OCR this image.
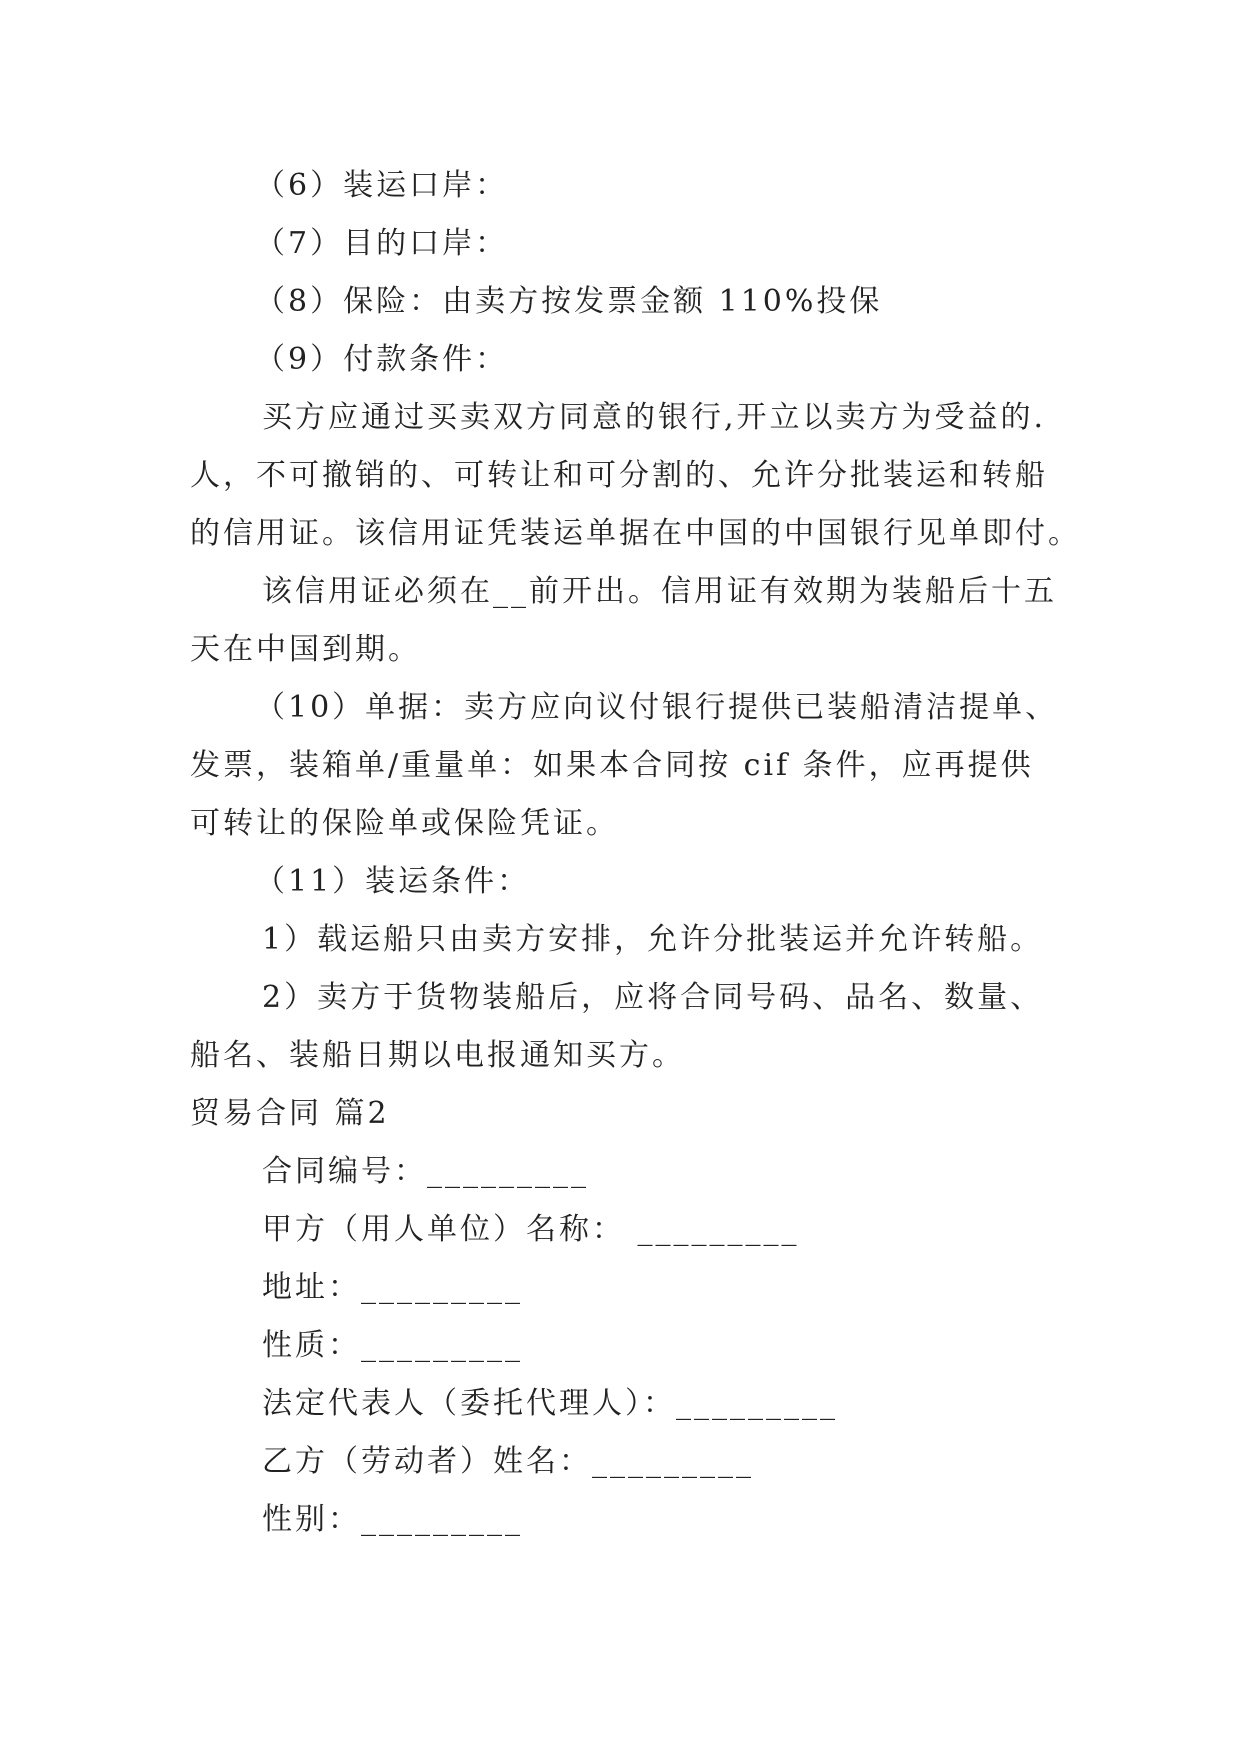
（6）装运口岸：
（7）目的口岸：
（8）保险：由卖方按发票金额 110%投保
（9）付款条件：
买方应通过买卖双方同意的银行,开立以卖方为受益的.
人，不可撤销的、可转让和可分割的、允许分批装运和转船
的信用证。该信用证凭装运单据在中国的中国银行见单即付。
该信用证必须在__前开出。信用证有效期为装船后十五
天在中国到期。
（10）单据：卖方应向议付银行提供已装船清洁提单、
发票，装箱单/重量单：如果本合同按 cif 条件，应再提供
可转让的保险单或保险凭证。
（11）装运条件：
1）载运船只由卖方安排，允许分批装运并允许转船。
2）卖方于货物装船后，应将合同号码、品名、数量、
船名、装船日期以电报通知买方。
贸易合同 篇2
合同编号：_________
甲方（用人单位）名称： _________
地址：_________
性质：_________
法定代表人（委托代理人）：_________
乙方（劳动者）姓名：_________
性别：_________
